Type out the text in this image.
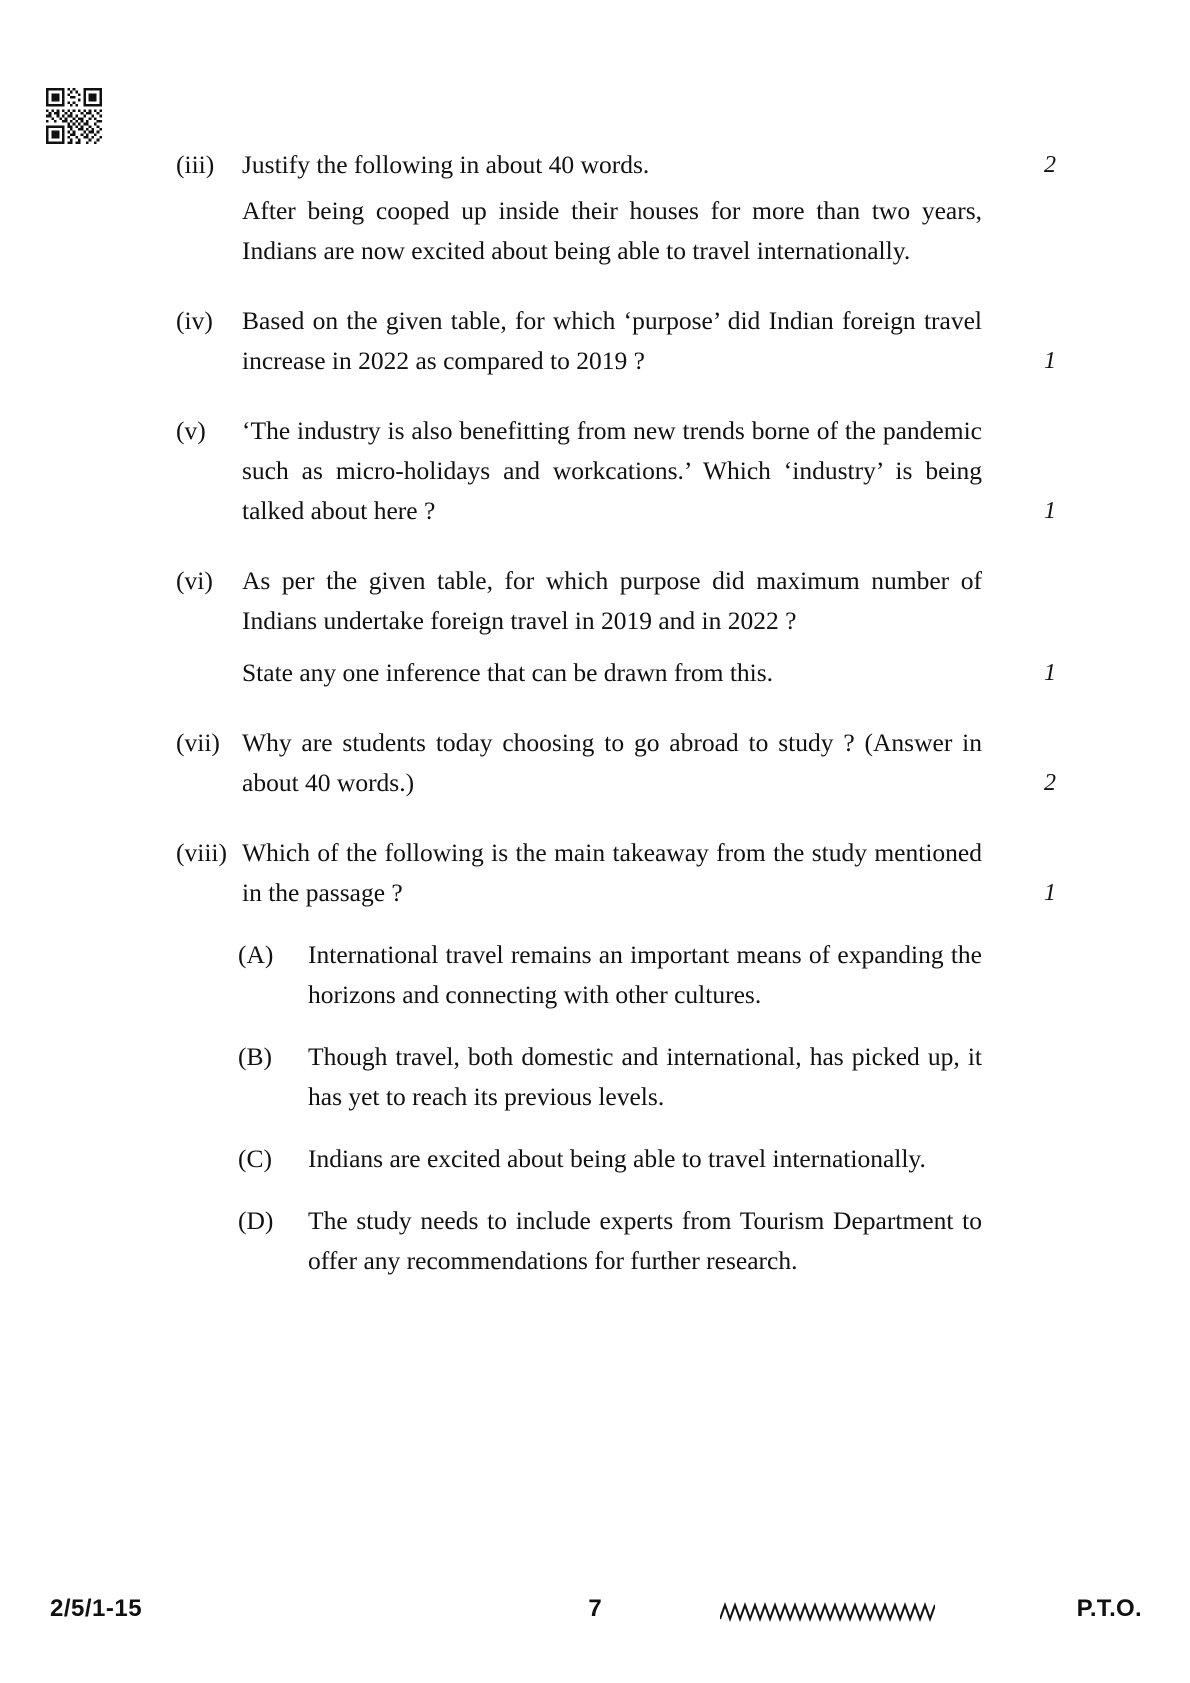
(iii)	Justify the following in about 40 words.	2

After being cooped up inside their houses for more than two years, Indians are now excited about being able to travel internationally.

(iv)	Based on the given table, for which ‘purpose’ did Indian foreign travel increase in 2022 as compared to 2019 ?	1
(v)	‘The industry is also benefitting from new trends borne of the pandemic such as micro-holidays and workcations.’ Which ‘industry’ is being talked about here ?	1
(vi)	As per the given table, for which purpose did maximum number of Indians undertake foreign travel in 2019 and in 2022 ?

State any one inference that can be drawn from this.	1
(vii) Why are students today choosing to go abroad to study ? (Answer in about 40 words.)	2
(viii) Which of the following is the main takeaway from the study mentioned in the passage ?	1
(A)	International travel remains an important means of expanding the horizons and connecting with other cultures.
(B)	Though travel, both domestic and international, has picked up, it has yet to reach its previous levels.
(C)	Indians are excited about being able to travel internationally.
(D)	The study needs to include experts from Tourism Department to offer any recommendations for further research.
2/5/1-15	7	P.T.O.
